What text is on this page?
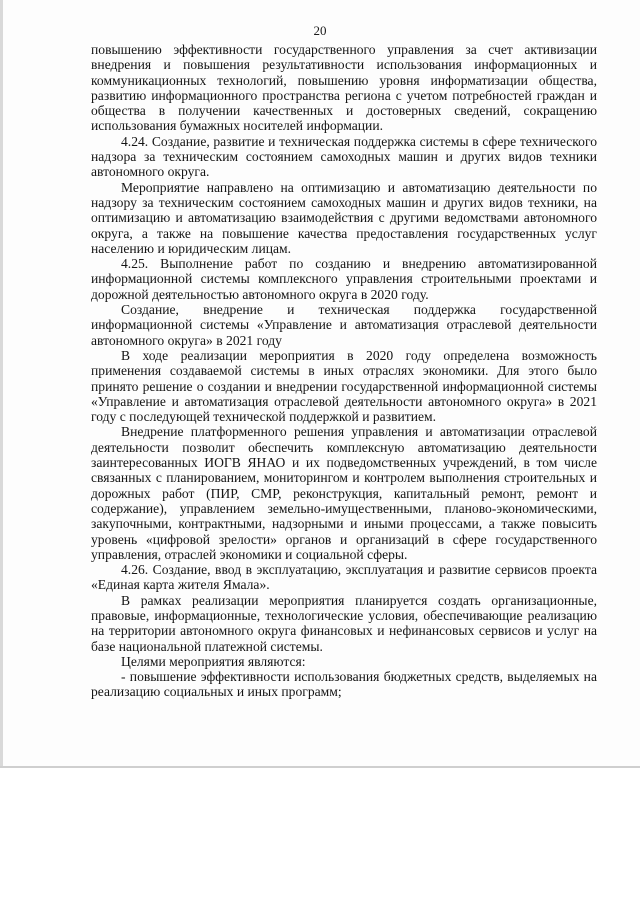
20

повышению эффективности государственного управления за счет активизации внедрения и повышения результативности использования информационных и коммуникационных технологий, повышению уровня информатизации общества, развитию информационного пространства региона с учетом потребностей граждан и общества в получении качественных и достоверных сведений, сокращению использования бумажных носителей информации.

4.24. Создание, развитие и техническая поддержка системы в сфере технического надзора за техническим состоянием самоходных машин и других видов техники автономного округа.

Мероприятие направлено на оптимизацию и автоматизацию деятельности по надзору за техническим состоянием самоходных машин и других видов техники, на оптимизацию и автоматизацию взаимодействия с другими ведомствами автономного округа, а также на повышение качества предоставления государственных услуг населению и юридическим лицам.

4.25. Выполнение работ по созданию и внедрению автоматизированной информационной системы комплексного управления строительными проектами и дорожной деятельностью автономного округа в 2020 году.

Создание, внедрение и техническая поддержка государственной информационной системы «Управление и автоматизация отраслевой деятельности автономного округа» в 2021 году

В ходе реализации мероприятия в 2020 году определена возможность применения создаваемой системы в иных отраслях экономики. Для этого было принято решение о создании и внедрении государственной информационной системы «Управление и автоматизация отраслевой деятельности автономного округа» в 2021 году с последующей технической поддержкой и развитием.

Внедрение платформенного решения управления и автоматизации отраслевой деятельности позволит обеспечить комплексную автоматизацию деятельности заинтересованных ИОГВ ЯНАО и их подведомственных учреждений, в том числе связанных с планированием, мониторингом и контролем выполнения строительных и дорожных работ (ПИР, СМР, реконструкция, капитальный ремонт, ремонт и содержание), управлением земельно-имущественными, планово-экономическими, закупочными, контрактными, надзорными и иными процессами, а также повысить уровень «цифровой зрелости» органов и организаций в сфере государственного управления, отраслей экономики и социальной сферы.

4.26. Создание, ввод в эксплуатацию, эксплуатация и развитие сервисов проекта «Единая карта жителя Ямала».

В рамках реализации мероприятия планируется создать организационные, правовые, информационные, технологические условия, обеспечивающие реализацию на территории автономного округа финансовых и нефинансовых сервисов и услуг на базе национальной платежной системы.

Целями мероприятия являются:

- повышение эффективности использования бюджетных средств, выделяемых на реализацию социальных и иных программ;
